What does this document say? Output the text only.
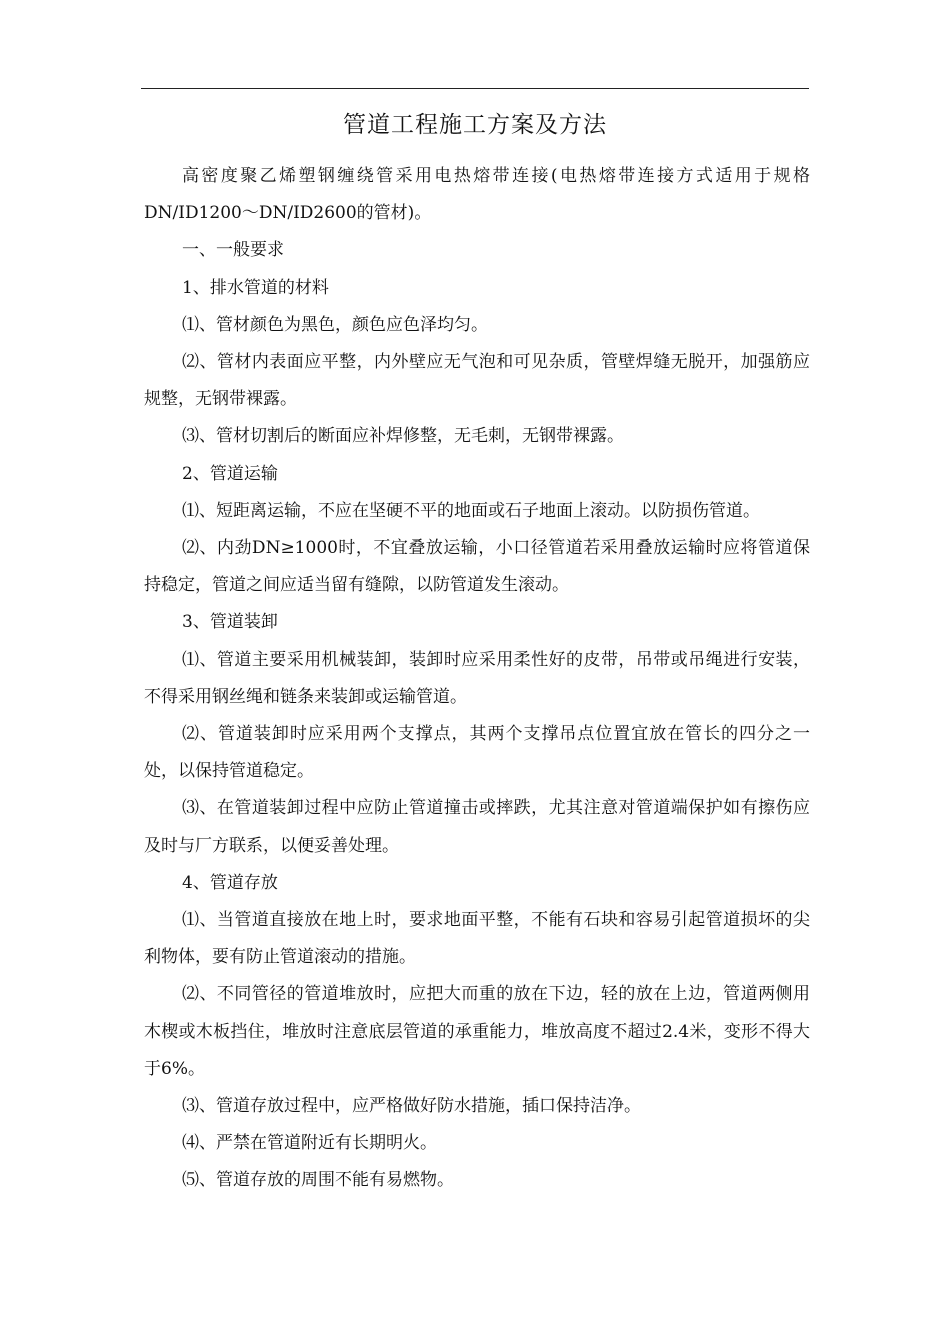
管道工程施工方案及方法

高密度聚乙烯塑钢缠绕管采用电热熔带连接(电热熔带连接方式适用于规格DN/ID1200～DN/ID2600的管材)。

一、一般要求

1、排水管道的材料

⑴、管材颜色为黑色，颜色应色泽均匀。

⑵、管材内表面应平整，内外壁应无气泡和可见杂质，管壁焊缝无脱开，加强筋应规整，无钢带裸露。

⑶、管材切割后的断面应补焊修整，无毛刺，无钢带裸露。

2、管道运输

⑴、短距离运输，不应在坚硬不平的地面或石子地面上滚动。以防损伤管道。

⑵、内劲DN≥1000时，不宜叠放运输，小口径管道若采用叠放运输时应将管道保持稳定，管道之间应适当留有缝隙，以防管道发生滚动。

3、管道装卸

⑴、管道主要采用机械装卸，装卸时应采用柔性好的皮带，吊带或吊绳进行安装，不得采用钢丝绳和链条来装卸或运输管道。

⑵、管道装卸时应采用两个支撑点，其两个支撑吊点位置宜放在管长的四分之一处，以保持管道稳定。

⑶、在管道装卸过程中应防止管道撞击或摔跌，尤其注意对管道端保护如有擦伤应及时与厂方联系，以便妥善处理。

4、管道存放

⑴、当管道直接放在地上时，要求地面平整，不能有石块和容易引起管道损坏的尖利物体，要有防止管道滚动的措施。

⑵、不同管径的管道堆放时，应把大而重的放在下边，轻的放在上边，管道两侧用木楔或木板挡住，堆放时注意底层管道的承重能力，堆放高度不超过2.4米，变形不得大于6%。

⑶、管道存放过程中，应严格做好防水措施，插口保持洁净。

⑷、严禁在管道附近有长期明火。

⑸、管道存放的周围不能有易燃物。
